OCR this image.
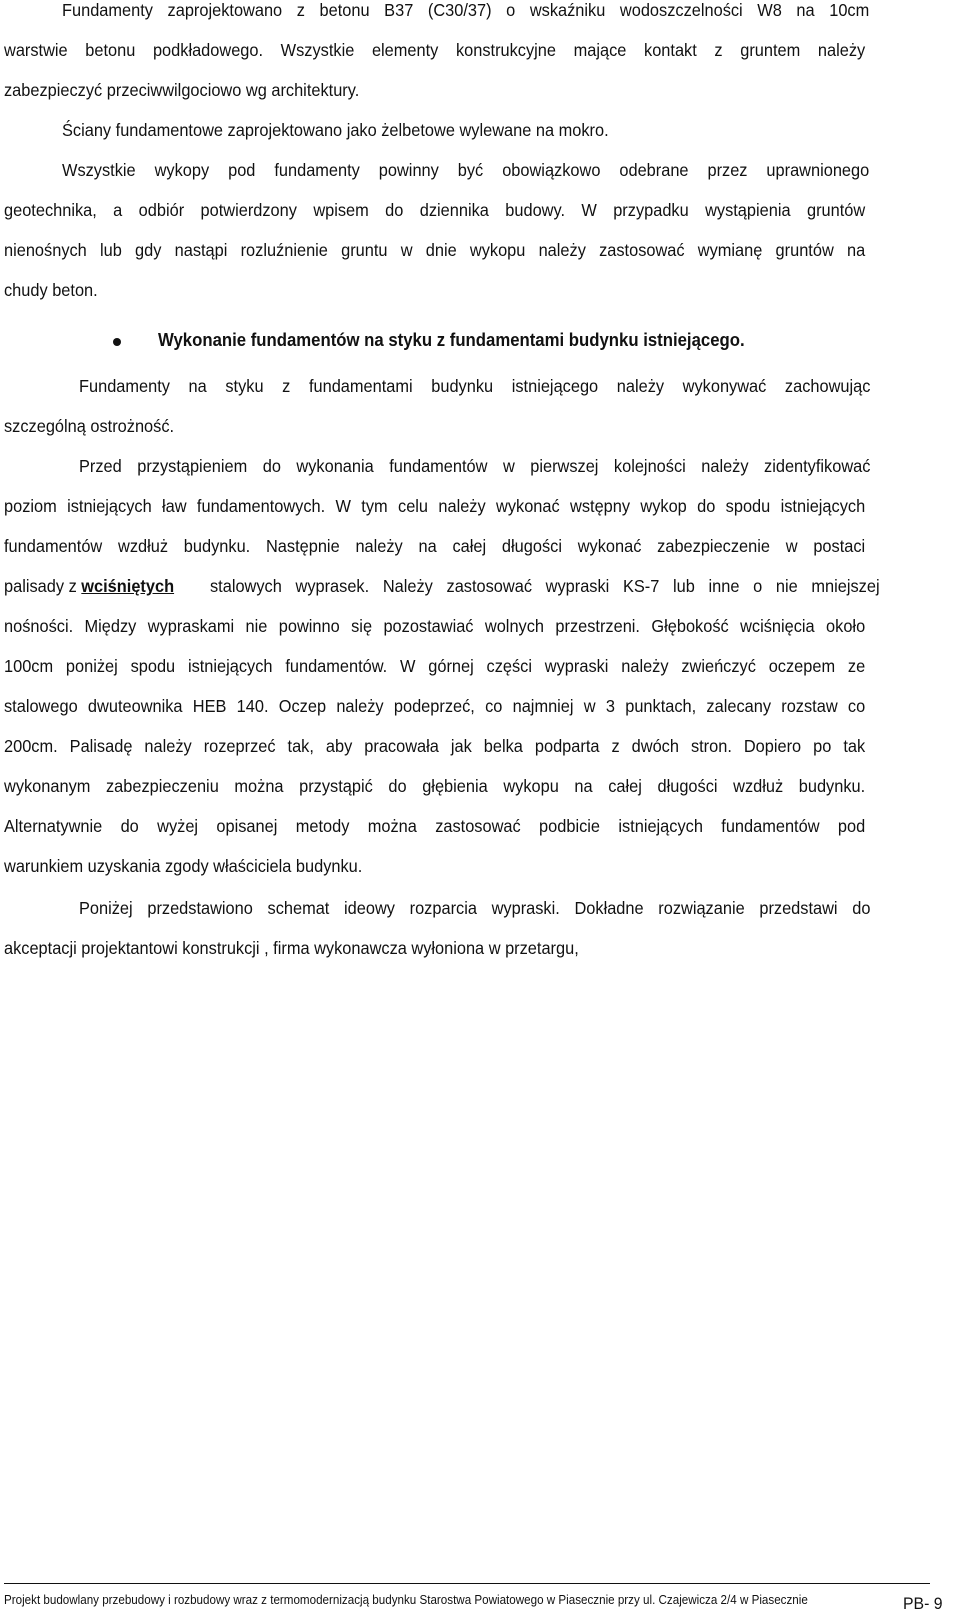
Fundamenty zaprojektowano z betonu B37 (C30/37) o wskaźniku wodoszczelności W8 na 10cm
warstwie betonu podkładowego. Wszystkie elementy konstrukcyjne mające kontakt z gruntem należy
zabezpieczyć przeciwwilgociowo wg architektury.
Ściany fundamentowe zaprojektowano jako żelbetowe wylewane na mokro.
Wszystkie wykopy pod fundamenty powinny być obowiązkowo odebrane przez uprawnionego
geotechnika, a odbiór potwierdzony wpisem do dziennika budowy. W przypadku wystąpienia gruntów
nienośnych lub gdy nastąpi rozluźnienie gruntu w dnie wykopu należy zastosować wymianę gruntów na
chudy beton.
Wykonanie fundamentów na styku z fundamentami budynku istniejącego.
Fundamenty na styku z fundamentami budynku istniejącego należy wykonywać zachowując
szczególną ostrożność.
Przed przystąpieniem do wykonania fundamentów w pierwszej kolejności należy zidentyfikować
poziom istniejących ław fundamentowych. W tym celu należy wykonać wstępny wykop do spodu istniejących
fundamentów wzdłuż budynku. Następnie należy na całej długości wykonać zabezpieczenie w postaci
palisady z wciśniętych stalowych wyprasek. Należy zastosować wypraski KS-7 lub inne o nie mniejszej
nośności. Między wypraskami nie powinno się pozostawiać wolnych przestrzeni. Głębokość wciśnięcia około
100cm poniżej spodu istniejących fundamentów. W górnej części wypraski należy zwieńczyć oczepem ze
stalowego dwuteownika HEB 140. Oczep należy podeprzeć, co najmniej w 3 punktach, zalecany rozstaw co
200cm. Palisadę należy rozeprzeć tak, aby pracowała jak belka podparta z dwóch stron. Dopiero po tak
wykonanym zabezpieczeniu można przystąpić do głębienia wykopu na całej długości wzdłuż budynku.
Alternatywnie do wyżej opisanej metody można zastosować podbicie istniejących fundamentów pod
warunkiem uzyskania zgody właściciela budynku.
Poniżej przedstawiono schemat ideowy rozparcia wypraski. Dokładne rozwiązanie przedstawi do
akceptacji projektantowi konstrukcji , firma wykonawcza wyłoniona w przetargu,
Projekt budowlany przebudowy i rozbudowy wraz z termomodernizacją budynku Starostwa Powiatowego w Piasecznie przy ul. Czajewicza 2/4 w Piasecznie	PB- 9
